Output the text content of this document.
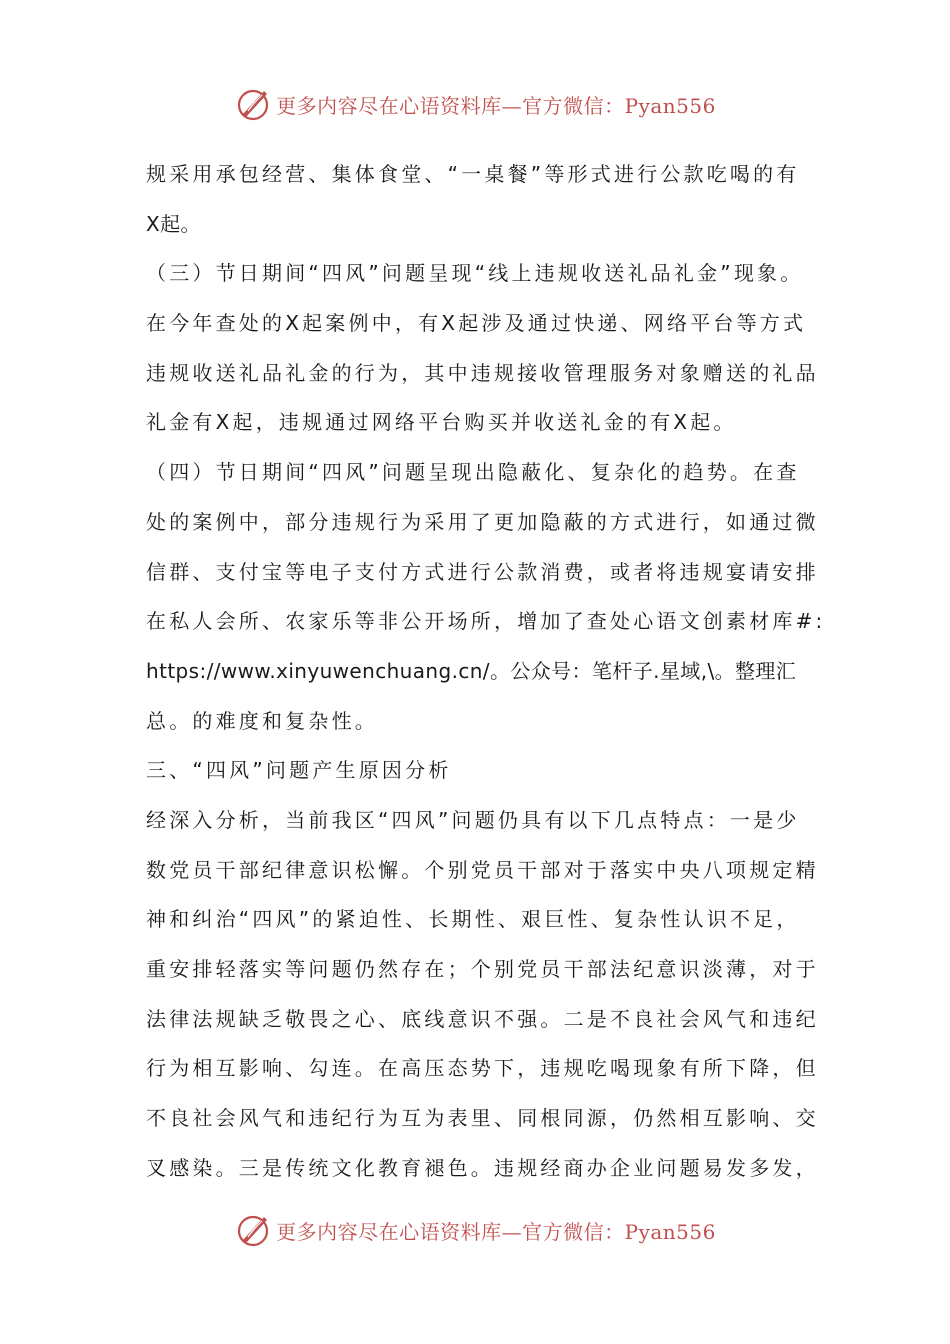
更多内容尽在心语资料库—官方微信：Pyan556
规采用承包经营、集体食堂、“一桌餐”等形式进行公款吃喝的有
X起。
（三）节日期间“四风”问题呈现“线上违规收送礼品礼金”现象。
在今年查处的X起案例中，有X起涉及通过快递、网络平台等方式
违规收送礼品礼金的行为，其中违规接收管理服务对象赠送的礼品
礼金有X起，违规通过网络平台购买并收送礼金的有X起。
（四）节日期间“四风”问题呈现出隐蔽化、复杂化的趋势。在查
处的案例中，部分违规行为采用了更加隐蔽的方式进行，如通过微
信群、支付宝等电子支付方式进行公款消费，或者将违规宴请安排
在私人会所、农家乐等非公开场所，增加了查处心语文创素材库#:
https://www.xinyuwenchuang.cn/。公众号：笔杆子.星域,\。整理汇
总。的难度和复杂性。
三、“四风”问题产生原因分析
经深入分析，当前我区“四风”问题仍具有以下几点特点：一是少
数党员干部纪律意识松懈。个别党员干部对于落实中央八项规定精
神和纠治“四风”的紧迫性、长期性、艰巨性、复杂性认识不足，
重安排轻落实等问题仍然存在；个别党员干部法纪意识淡薄，对于
法律法规缺乏敬畏之心、底线意识不强。二是不良社会风气和违纪
行为相互影响、勾连。在高压态势下，违规吃喝现象有所下降，但
不良社会风气和违纪行为互为表里、同根同源，仍然相互影响、交
叉感染。三是传统文化教育褪色。违规经商办企业问题易发多发，
更多内容尽在心语资料库—官方微信：Pyan556
